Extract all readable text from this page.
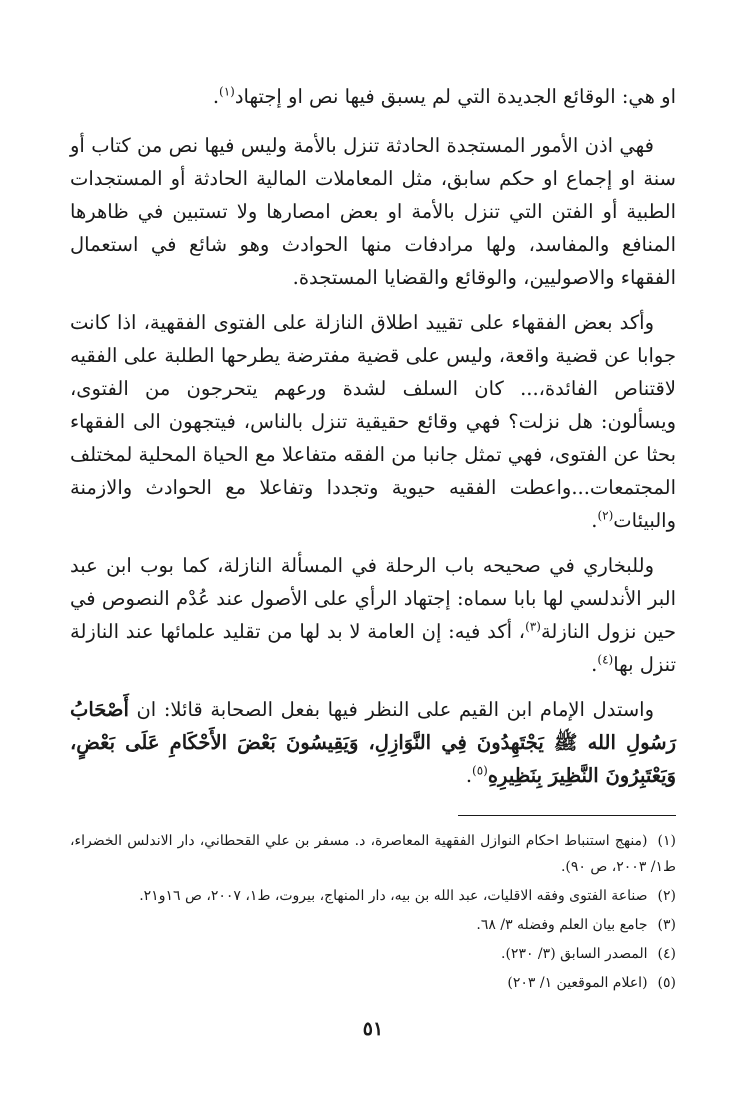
او هي: الوقائع الجديدة التي لم يسبق فيها نص او إجتهاد$^{(١)}$.

فهي اذن الأمور المستجدة الحادثة تنزل بالأمة وليس فيها نص من كتاب أو سنة او إجماع او حكم سابق، مثل المعاملات المالية الحادثة أو المستجدات الطبية أو الفتن التي تنزل بالأمة او بعض امصارها ولا تستبين في ظاهرها المنافع والمفاسد، ولها مرادفات منها الحوادث وهو شائع في استعمال الفقهاء والاصوليين، والوقائع والقضايا المستجدة.

وأكد بعض الفقهاء على تقييد اطلاق النازلة على الفتوى الفقهية، اذا كانت جوابا عن قضية واقعة، وليس على قضية مفترضة يطرحها الطلبة على الفقيه لاقتناص الفائدة،... كان السلف لشدة ورعهم يتحرجون من الفتوى، ويسألون: هل نزلت؟ فهي وقائع حقيقية تنزل بالناس، فيتجهون الى الفقهاء بحثا عن الفتوى، فهي تمثل جانبا من الفقه متفاعلا مع الحياة المحلية لمختلف المجتمعات...واعطت الفقيه حيوية وتجددا وتفاعلا مع الحوادث والازمنة والبيئات$^{(٢)}$.

وللبخاري في صحيحه باب الرحلة في المسألة النازلة، كما بوب ابن عبد البر الأندلسي لها بابا سماه: إجتهاد الرأي على الأصول عند عُدْم النصوص في حين نزول النازلة$^{(٣)}$، أكد فيه: إن العامة لا بد لها من تقليد علمائها عند النازلة تنزل بها$^{(٤)}$.

واستدل الإمام ابن القيم على النظر فيها بفعل الصحابة قائلا: ان أَصْحَابُ رَسُولِ الله ﷺ يَجْتَهِدُونَ فِي النَّوَازِلِ، وَيَقِيسُونَ بَعْضَ الأَحْكَامِ عَلَى بَعْضٍ، وَيَعْتَبِرُونَ النَّظِيرَ بِنَظِيرِهِ$^{(٥)}$.

(١)(منهج استنباط احكام النوازل الفقهية المعاصرة، د. مسفر بن علي القحطاني، دار الاندلس الخضراء، ط١/ ٢٠٠٣، ص ٩٠).

(٢)صناعة الفتوى وفقه الاقليات، عبد الله بن بيه، دار المنهاج، بيروت، ط١، ٢٠٠٧، ص ١٦و٢١.

(٣)جامع بيان العلم وفضله ٣/ ٦٨.

(٤)المصدر السابق (٣/ ٢٣٠).

(٥)(اعلام الموقعين ١/ ٢٠٣)

٥١
